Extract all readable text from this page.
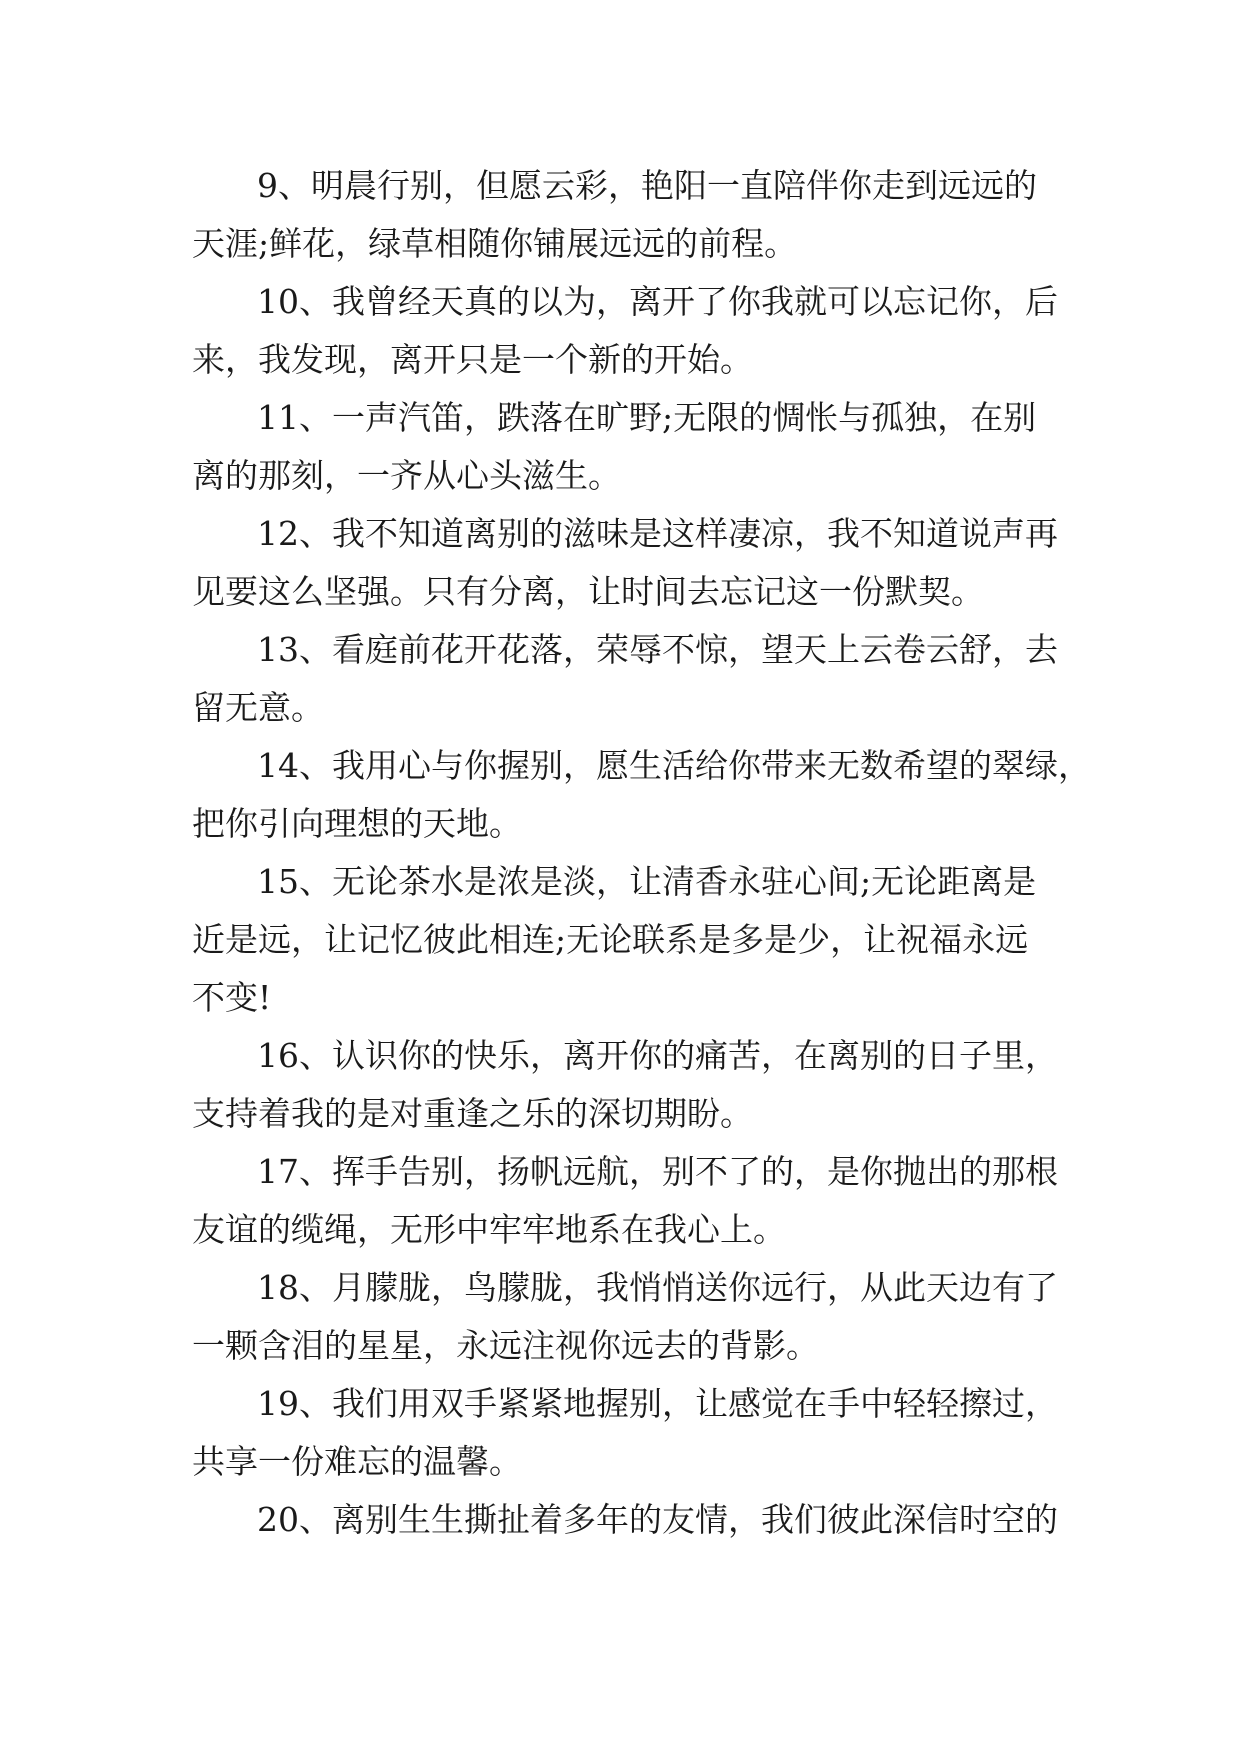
9、明晨行别，但愿云彩，艳阳一直陪伴你走到远远的

天涯;鲜花，绿草相随你铺展远远的前程。

10、我曾经天真的以为，离开了你我就可以忘记你，后

来，我发现，离开只是一个新的开始。

11、一声汽笛，跌落在旷野;无限的惆怅与孤独，在别

离的那刻，一齐从心头滋生。

12、我不知道离别的滋味是这样凄凉，我不知道说声再

见要这么坚强。只有分离，让时间去忘记这一份默契。

13、看庭前花开花落，荣辱不惊，望天上云卷云舒，去

留无意。

14、我用心与你握别，愿生活给你带来无数希望的翠绿，

把你引向理想的天地。

15、无论茶水是浓是淡，让清香永驻心间;无论距离是

近是远，让记忆彼此相连;无论联系是多是少，让祝福永远

不变!

16、认识你的快乐，离开你的痛苦，在离别的日子里，

支持着我的是对重逢之乐的深切期盼。

17、挥手告别，扬帆远航，别不了的，是你抛出的那根

友谊的缆绳，无形中牢牢地系在我心上。

18、月朦胧，鸟朦胧，我悄悄送你远行，从此天边有了

一颗含泪的星星，永远注视你远去的背影。

19、我们用双手紧紧地握别，让感觉在手中轻轻擦过，

共享一份难忘的温馨。

20、离别生生撕扯着多年的友情，我们彼此深信时空的
